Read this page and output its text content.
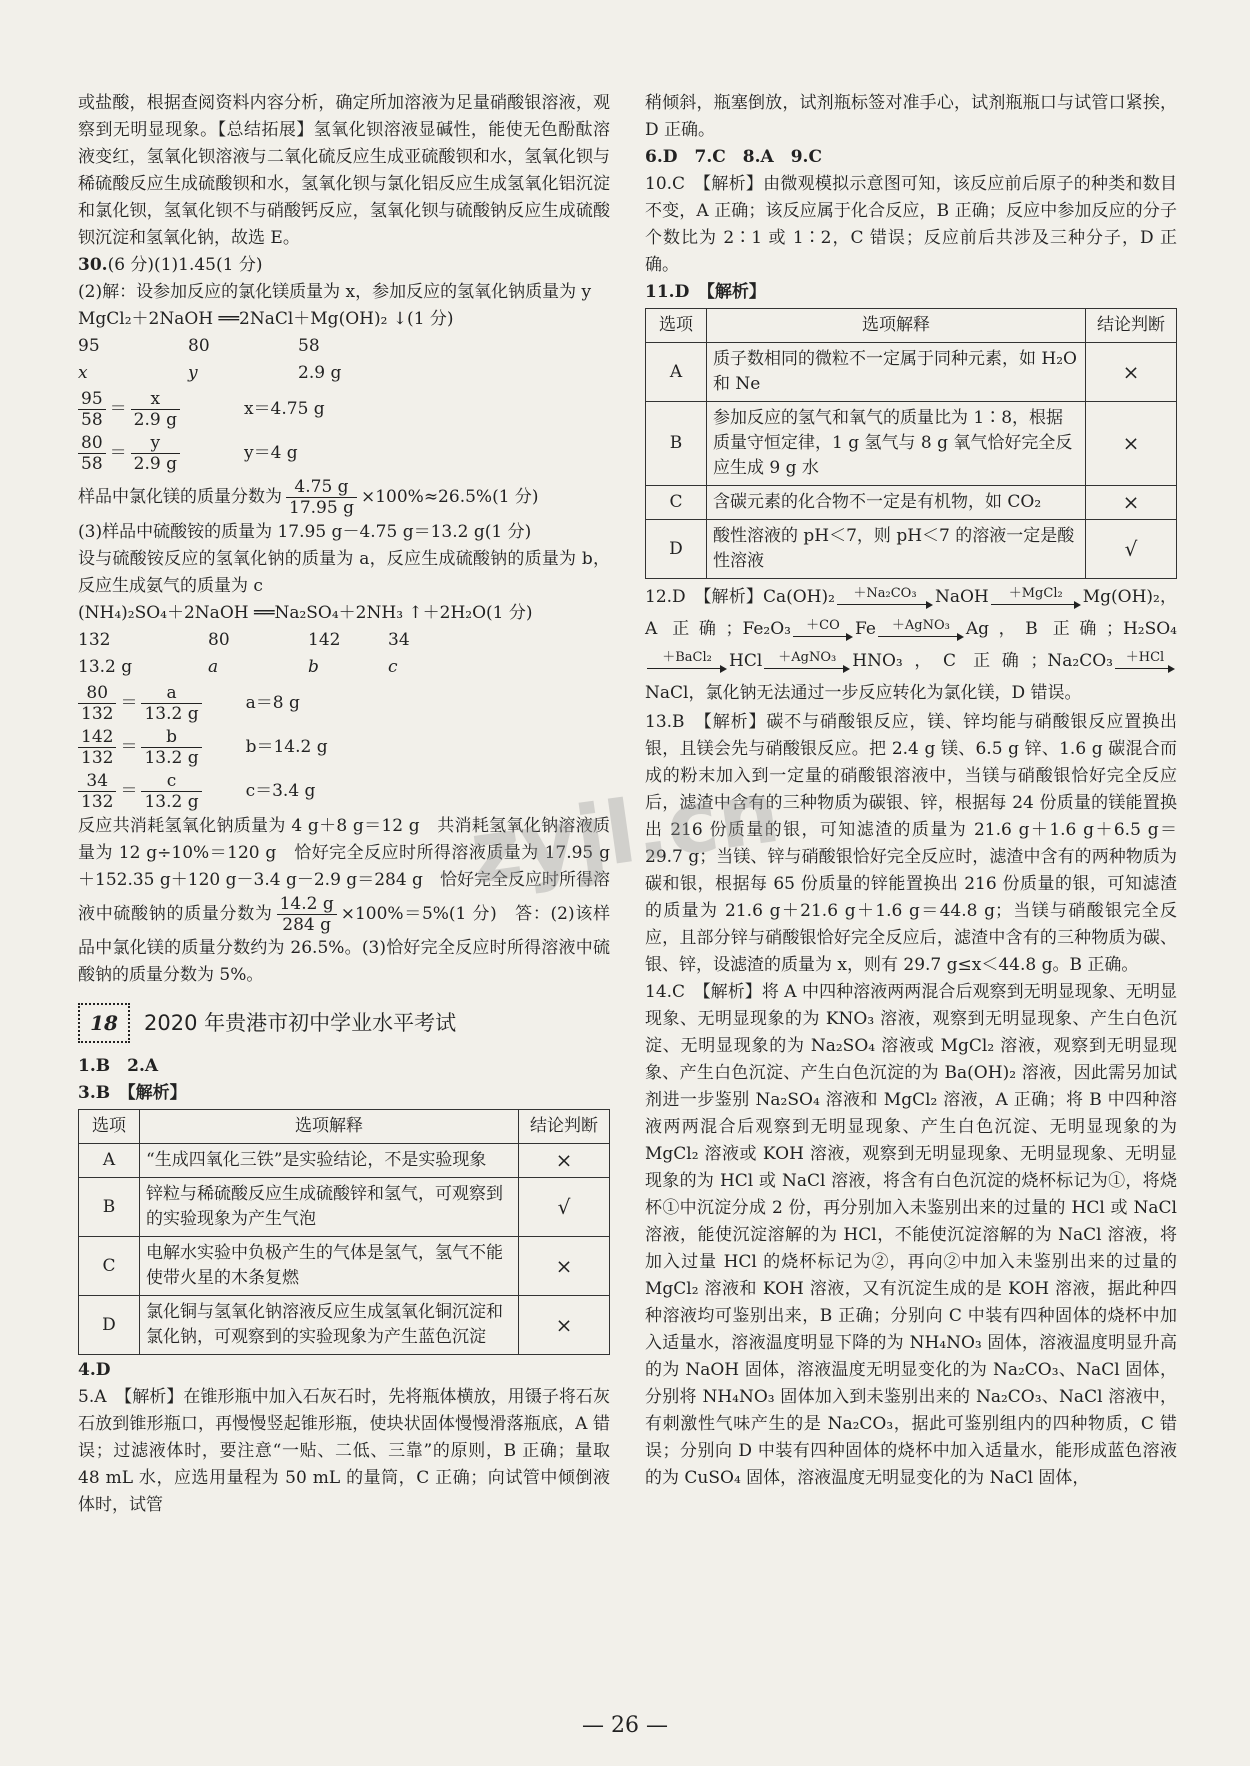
或盐酸，根据查阅资料内容分析，确定所加溶液为足量硝酸银溶液，观察到无明显现象。【总结拓展】氢氧化钡溶液显碱性，能使无色酚酞溶液变红，氢氧化钡溶液与二氧化硫反应生成亚硫酸钡和水，氢氧化钡与稀硫酸反应生成硫酸钡和水，氢氧化钡与氯化铝反应生成氢氧化铝沉淀和氯化钡，氢氧化钡不与硝酸钙反应，氢氧化钡与硫酸钠反应生成硫酸钡沉淀和氢氧化钠，故选 E。

30.(6 分)(1)1.45(1 分)

(2)解：设参加反应的氯化镁质量为 x，参加反应的氢氧化钠质量为 y

MgCl₂＋2NaOH ══2NaCl＋Mg(OH)₂ ↓(1 分)

95	80	58
x	y	2.9 g
$\frac{95}{58}$ ＝	x
2.9 g
x＝4.75 g
$\frac{80}{58}$ ＝	y
2.9 g
y＝4 g
样品中氯化镁的质量分数为 $\frac{4.75 g}{17.95 g} \times 100\%\approx 26.5\%(1$ 分)

(3)样品中硫酸铵的质量为 17.95 g－4.75 g＝13.2 g(1 分)

设与硫酸铵反应的氢氧化钠的质量为 a，反应生成硫酸钠的质量为 b，反应生成氨气的质量为 c

(NH₄)₂SO₄＋2NaOH ══Na₂SO₄＋2NH₃ ↑＋2H₂O(1 分)

132	80	142	34
13.2 g	a	b	c
$\frac{80}{132}$ ＝	a
13.2 g
a＝8 g
$\frac{142}{132}$ ＝	b
13.2 g
b＝14.2 g
$\frac{34}{132}$ ＝	c
13.2 g
c＝3.4 g

反应共消耗氢氧化钠质量为 4 g＋8 g＝12 g　共消耗氢氧化钠溶液质量为 12 g÷10%＝120 g　恰好完全反应时所得溶液质量为 17.95 g＋152.35 g＋120 g－3.4 g－2.9 g＝284 g　恰好完全反应时所得溶液中硫酸钠的质量分数为 $\frac{14.2 g}{284 g} \times 100\%=5\%(1$ 分)　答：(2)该样品中氯化镁的质量分数约为 26.5%。(3)恰好完全反应时所得溶液中硫酸钠的质量分数为 5%。

18	2020 年贵港市初中学业水平考试

1.B　2.A

3.B　【解析】

选项	选项解释	结论判断
A	“生成四氧化三铁”是实验结论，不是实验现象	×
B	锌粒与稀硫酸反应生成硫酸锌和氢气，可观察到的实验现象为产生气泡	√
C	电解水实验中负极产生的气体是氢气，氢气不能使带火星的木条复燃	×
D	氯化铜与氢氧化钠溶液反应生成氢氧化铜沉淀和氯化钠，可观察到的实验现象为产生蓝色沉淀	×

4.D

5.A　【解析】在锥形瓶中加入石灰石时，先将瓶体横放，用镊子将石灰石放到锥形瓶口，再慢慢竖起锥形瓶，使块状固体慢慢滑落瓶底，A 错误；过滤液体时，要注意“一贴、二低、三靠”的原则，B 正确；量取 48 mL 水，应选用量程为 50 mL 的量筒，C 正确；向试管中倾倒液体时，试管

稍倾斜，瓶塞倒放，试剂瓶标签对准手心，试剂瓶瓶口与试管口紧挨，D 正确。

6.D　7.C　8.A　9.C

10.C　【解析】由微观模拟示意图可知，该反应前后原子的种类和数目不变，A 正确；该反应属于化合反应，B 正确；反应中参加反应的分子个数比为 2∶1 或 1∶2，C 错误；反应前后共涉及三种分子，D 正确。

11.D　【解析】

选项	选项解释	结论判断
A	质子数相同的微粒不一定属于同种元素，如 H₂O 和 Ne	×
B	参加反应的氢气和氧气的质量比为 1∶8，根据质量守恒定律，1 g 氢气与 8 g 氧气恰好完全反应生成 9 g 水	×
C	含碳元素的化合物不一定是有机物，如 CO₂	×
D	酸性溶液的 pH＜7，则 pH＜7 的溶液一定是酸性溶液	√

12.D　【解析】Ca(OH)₂	＋Na₂CO₃	NaOH	＋MgCl₂	Mg(OH)₂，A 正确；Fe₂O₃	＋CO Fe	＋AgNO₃ Ag，B 正确；H₂SO₄
＋BaCl₂	HCl	＋AgNO₃ HNO₃，C 正确；Na₂CO₃ ＋HCl
NaCl，氯化钠无法通过一步反应转化为氯化镁，D 错误。

13.B　【解析】碳不与硝酸银反应，镁、锌均能与硝酸银反应置换出银，且镁会先与硝酸银反应。把 2.4 g 镁、6.5 g 锌、1.6 g 碳混合而成的粉末加入到一定量的硝酸银溶液中，当镁与硝酸银恰好完全反应后，滤渣中含有的三种物质为碳银、锌，根据每 24 份质量的镁能置换出 216 份质量的银，可知滤渣的质量为 21.6 g＋1.6 g＋6.5 g＝29.7 g；当镁、锌与硝酸银恰好完全反应时，滤渣中含有的两种物质为碳和银，根据每 65 份质量的锌能置换出 216 份质量的银，可知滤渣的质量为 21.6 g＋21.6 g＋1.6 g＝44.8 g；当镁与硝酸银完全反应，且部分锌与硝酸银恰好完全反应后，滤渣中含有的三种物质为碳、银、锌，设滤渣的质量为 x，则有 29.7 g≤x＜44.8 g。B 正确。

14.C　【解析】将 A 中四种溶液两两混合后观察到无明显现象、无明显现象、无明显现象的为 KNO₃ 溶液，观察到无明显现象、产生白色沉淀、无明显现象的为 Na₂SO₄ 溶液或 MgCl₂ 溶液，观察到无明显现象、产生白色沉淀、产生白色沉淀的为 Ba(OH)₂ 溶液，因此需另加试剂进一步鉴别 Na₂SO₄ 溶液和 MgCl₂ 溶液，A 正确；将 B 中四种溶液两两混合后观察到无明显现象、产生白色沉淀、无明显现象的为 MgCl₂ 溶液或 KOH 溶液，观察到无明显现象、无明显现象、无明显现象的为 HCl 或 NaCl 溶液，将含有白色沉淀的烧杯标记为①，将烧杯①中沉淀分成 2 份，再分别加入未鉴别出来的过量的 HCl 或 NaCl 溶液，能使沉淀溶解的为 HCl，不能使沉淀溶解的为 NaCl 溶液，将加入过量 HCl 的烧杯标记为②，再向②中加入未鉴别出来的过量的 MgCl₂ 溶液和 KOH 溶液，又有沉淀生成的是 KOH 溶液，据此种四种溶液均可鉴别出来，B 正确；分别向 C 中装有四种固体的烧杯中加入适量水，溶液温度明显下降的为 NH₄NO₃ 固体，溶液温度明显升高的为 NaOH 固体，溶液温度无明显变化的为 Na₂CO₃、NaCl 固体，分别将 NH₄NO₃ 固体加入到未鉴别出来的 Na₂CO₃、NaCl 溶液中，有刺激性气味产生的是 Na₂CO₃，据此可鉴别组内的四种物质，C 错误；分别向 D 中装有四种固体的烧杯中加入适量水，能形成蓝色溶液的为 CuSO₄ 固体，溶液温度无明显变化的为 NaCl 固体，

zyjl.cn
— 26 —
